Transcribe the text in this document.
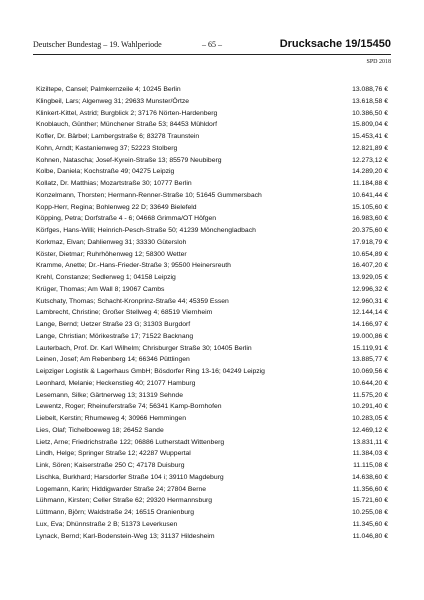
Deutscher Bundestag – 19. Wahlperiode	– 65 –	Drucksache 19/15450
SPD 2018
Kiziltepe, Cansel; Palmkernzeile 4; 10245 Berlin	13.088,76 €
Klingbeil, Lars; Algenweg 31; 29633 Munster/Örtze	13.618,58 €
Klinkert-Kittel, Astrid; Burgblick 2; 37176 Nörten-Hardenberg	10.386,50 €
Knoblauch, Günther; Münchener Straße 53; 84453 Mühldorf	15.809,04 €
Kofler, Dr. Bärbel; Lambergstraße 6; 83278 Traunstein	15.453,41 €
Kohn, Arndt; Kastanienweg 37; 52223 Stolberg	12.821,89 €
Kohnen, Natascha; Josef-Kyrein-Straße 13; 85579 Neubiberg	12.273,12 €
Kolbe, Daniela; Kochstraße 49; 04275 Leipzig	14.289,20 €
Kollatz, Dr. Matthias; Mozartstraße 30; 10777 Berlin	11.184,88 €
Konzelmann, Thorsten; Hermann-Renner-Straße 10; 51645 Gummersbach	10.641,44 €
Kopp-Herr, Regina; Bohlenweg 22 D; 33649 Bielefeld	15.105,60 €
Köpping, Petra; Dorfstraße 4 - 6; 04668 Grimma/OT Höfgen	16.983,60 €
Körfges, Hans-Willi; Heinrich-Pesch-Straße 50; 41239 Mönchengladbach	20.375,60 €
Korkmaz, Elvan; Dahlienweg 31; 33330 Gütersloh	17.918,79 €
Köster, Dietmar; Ruhrhöhenweg 12; 58300 Wetter	10.654,89 €
Kramme, Anette; Dr.-Hans-Frieder-Straße 3; 95500 Heinersreuth	16.407,20 €
Krehl, Constanze; Sedlerweg 1; 04158 Leipzig	13.929,05 €
Krüger, Thomas; Am Wall 8; 19067 Cambs	12.996,32 €
Kutschaty, Thomas; Schacht-Kronprinz-Straße 44; 45359 Essen	12.960,31 €
Lambrecht, Christine; Großer Stellweg 4; 68519 Viernheim	12.144,14 €
Lange, Bernd; Uetzer Straße 23 G; 31303 Burgdorf	14.166,97 €
Lange, Christian; Mörikestraße 17; 71522 Backnang	19.000,86 €
Lauterbach, Prof. Dr. Karl Wilhelm; Chrisburger Straße 30; 10405 Berlin	15.119,91 €
Leinen, Josef; Am Rebenberg 14; 66346 Püttlingen	13.885,77 €
Leipziger Logistik & Lagerhaus GmbH; Bösdorfer Ring 13-16; 04249 Leipzig	10.069,56 €
Leonhard, Melanie; Heckenstieg 40; 21077 Hamburg	10.644,20 €
Lesemann, Silke; Gärtnerweg 13; 31319 Sehnde	11.575,20 €
Lewentz, Roger; Rheinuferstraße 74; 56341 Kamp-Bornhofen	10.291,40 €
Liebelt, Kerstin; Rhumeweg 4; 30966 Hemmingen	10.283,05 €
Lies, Olaf; Tichelboeweg 18; 26452 Sande	12.469,12 €
Lietz, Arne; Friedrichstraße 122; 06886 Lutherstadt Wittenberg	13.831,11 €
Lindh, Helge; Springer Straße 12; 42287 Wuppertal	11.384,03 €
Link, Sören; Kaiserstraße 250 C; 47178 Duisburg	11.115,08 €
Lischka, Burkhard; Harsdorfer Straße 104 i; 39110 Magdeburg	14.638,60 €
Logemann, Karin; Hiddigwarder Straße 24; 27804 Berne	11.356,60 €
Lühmann, Kirsten; Celler Straße 62; 29320 Hermannsburg	15.721,60 €
Lüttmann, Björn; Waldstraße 24; 16515 Oranienburg	10.255,08 €
Lux, Eva; Dhünnstraße 2 B; 51373 Leverkusen	11.345,60 €
Lynack, Bernd; Karl-Bodenstein-Weg 13; 31137 Hildesheim	11.046,80 €
